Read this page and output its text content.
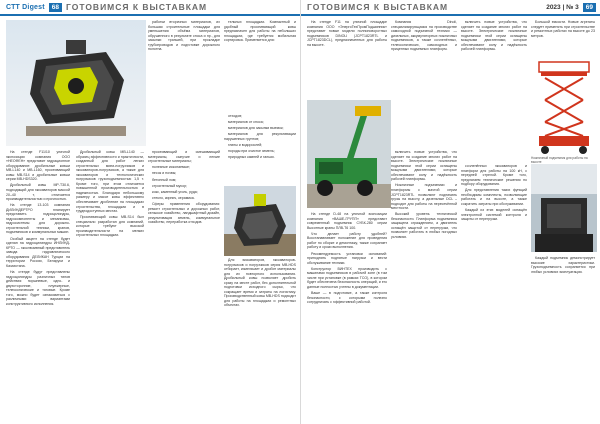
СТТ Digest	68 ГОТОВИМСЯ К ВЫСТАВКАМ

На стенде F11/10 уличной экспозиции компания ООО «НЕОФЕН» представит гидрационное оборудование: дробильные ковши MB-L140 и MB-L160, просеивающий ковш MB-S14 и дробильные ковши серии MB-HDS320.

Дробильный ковш MP-T30.6, подходящий для экскаваторов массой 20–40 т, отличается производительностью и прочностью.

На стенде 13-103 компания ДИЛИНДЕРТРО планирует представить гидроцилиндры, гидрокомпоненты и механизмы, гидросистемы для дорожно-строительной техники, кранов, подъемников и коммунальных машин.

Особый акцент на стенде будет сделан на гидроцилиндры ИНЛИНД-КРТО — эксклюзивный представитель завода гидравлического оборудования ДЕЛИКАН Турции на территории России, Беларуси и Казахстана.

На стенде будут представлены гидроцилиндры различных типов действия: поршневые, одно- и двухсторонние, плунжерные, телескопические и тяговые. Кроме того, можно будет ознакомиться с различными вариантами конструктивного исполнения.

работки вторичных материалов, их большая строительные площадки для уменьшения объёма материалов, обрушенного в результате сноса и пр., для засыпки траншей, при прокладке трубопроводов и подготовке дорожного полотна.

Дробильный ковш MB-L140 — образец эффективности и практичности, созданный для работ легких строительных мини-погрузчиков и экскаваторов-погрузчиков, а также для экскаваторов и технологических погрузчиков грузоподъемностью 1,5 т. Кроме того, при этом отличается повышенной производительностью и надежностью. Благодаря небольшому размеру и массе ковш эффективно обеспечивает дробление на площадках строительства, площадках и в труднодоступных местах.

Просеивающий ковш MB-S14 был специально разработан для компаний, которые требуют высокой производительности на мелких строительных площадках.

просеивающий и смешивающий материалы, сыпучие и легкие строительные материалы;

полезные ископаемые;

песок и почвы;

бетонный лом;

строительный мусор;

кокс, каменный уголь, руда;

стекло, кирпич, керамика.

Сферы применения оборудования: ремонт строительных и дорожных работ, сельское хозяйство, ландшафтный дизайн, рекультивация земель, коммунальное хозяйство, переработка отходов.

тельных площадках. Компактный и удобный просеивающий ковш предназначен для работы на небольших площадках, где требуется мобильная сортировка. Применяется для:

отходов;

материалов от сноса;

материалов для засыпки выемок;

материалов для рекультивации нарушенных грунтов;

глины и водорослей;

породы при очистке земель;

природных камней и гальки.

Для экскаваторов, экскаваторов-погрузчиков и погрузчиков серия MB-HDS отбирает, измельчает и дробит материалы для их повторного использования. Дробильный ковш позволяет дробить сразу на месте работ, без дополнительной подготовки исходного сырья, что сокращает время и затраты на логистику. Производственный ковш MB-HDS подходит для работы на площадках и ремонтных объектах.

ГОТОВИМСЯ К ВЫСТАВКАМ	2023 | № 3	69

На стенде F11 на уличной площадке компания ООО «ЭнергоТехПромПодшипник» представит новые модели полноповоротных подъемников DINOLI (JCPT1823RTL и JCPT1823DCL), предназначенных для работы на высоте.

Компания Dinoli, специализирующаяся на производстве самоходной подъемной техники — дизельных, аккумуляторных ножничных подъемников, а также сочленённых, телескопических, самоходных и прицепных подъемных платформ.

На стенде D-48 на уличной экспозиции компания «ВАШЕ-ГРУПП» представит современный подъемник СУБК-280 серии Высотные краны ПЛВ-Т6 100.

Что делает работу удобней? Восстанавливает положение для проведения работ по сборке и демонтажу, также сохраняет работу и сроки выполнения.

Рекомендуемость установки оснований: приподнять поднятые нагрузки и вести обслуживание техники.

Конструктор ВИНТЕХ производить с машинами подъемников в рабочей зоне (в том числе при установке (в рамках ТСО), в котором будет обеспечена безопасность операций, и его данные полностью учтены в документации.

Вашe — в подготовке, а также контроля безопасности, с которыми полезно сотрудничать с эффективной работой.

включить новые устройства, что сделает на создание многих работ на высоте. Электрические ножничные подъемники этой серии оснащены мощными двигателями, которые обеспечивают силу и надёжность рабочей платформы.

Ножничные подъемники и платформы с мачтой серии JCPT1823RTL позволяют поднимать грузы на высоту, а дизельные DCL – подходят для работы на пересечённой местности.

Высокий уровень технической безопасности. Платформа подъемника защищена ограждением, а двигатель оснащён защитой от перегрузки, что позволяет работать в любых погодных условиях.

включить новые устройства, что сделает на создание многих работ на высоте. Электрические ножничные подъемники этой серии оснащены мощными двигателями, которые обеспечивают силу и надёжность рабочей платформы.

Большой емкости. Новые агрегаты следует применять при строительстве и ремонтных работах на высоте до 23 метров.

Ножничный подъемник для работы на высоте

сочленённых экскаваторов и платформ для работы на 100 кН, с передней стрелой. Кроме того, предлагаем технические решения по подбору оборудования.

Для представления таких функций необходимы комплекты, позволяющие работать и на высоте, а также сократить затраты при обслуживании.

Каждый из этих моделей оснащён электронной системой контроля и защиты от перегрузки.

Каждый подъемник демонстрирует высокие характеристики. Грузоподъемность сохраняется при любых условиях эксплуатации.
